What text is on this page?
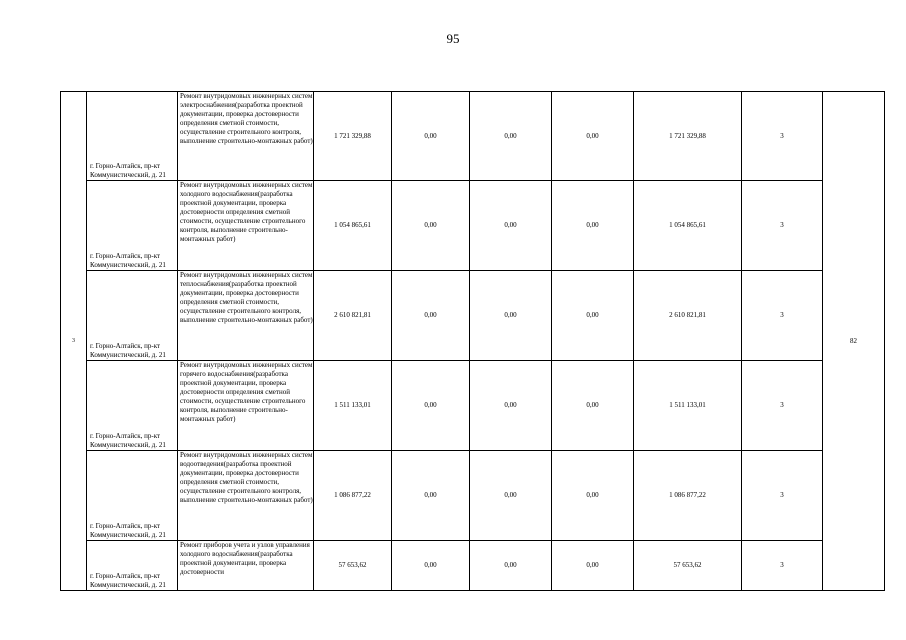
95
3	г. Горно-Алтайск, пр-кт Коммунистический, д. 21	Ремонт внутридомовых инженерных систем электроснабжения(разработка проектной документации, проверка достоверности определения сметной стоимости, осуществление строительного контроля, выполнение строительно-монтажных работ)	1 721 329,88	0,00	0,00	0,00	1 721 329,88	3	82
	г. Горно-Алтайск, пр-кт Коммунистический, д. 21	Ремонт внутридомовых инженерных систем холодного водоснабжения(разработка проектной документации, проверка достоверности определения сметной стоимости, осуществление строительного контроля, выполнение строительно-монтажных работ)	1 054 865,61	0,00	0,00	0,00	1 054 865,61	3	
	г. Горно-Алтайск, пр-кт Коммунистический, д. 21	Ремонт внутридомовых инженерных систем теплоснабжения(разработка проектной документации, проверка достоверности определения сметной стоимости, осуществление строительного контроля, выполнение строительно-монтажных работ)	2 610 821,81	0,00	0,00	0,00	2 610 821,81	3	
	г. Горно-Алтайск, пр-кт Коммунистический, д. 21	Ремонт внутридомовых инженерных систем горячего водоснабжения(разработка проектной документации, проверка достоверности определения сметной стоимости, осуществление строительного контроля, выполнение строительно-монтажных работ)	1 511 133,01	0,00	0,00	0,00	1 511 133,01	3	
	г. Горно-Алтайск, пр-кт Коммунистический, д. 21	Ремонт внутридомовых инженерных систем водоотведения(разработка проектной документации, проверка достоверности определения сметной стоимости, осуществление строительного контроля, выполнение строительно-монтажных работ)	1 086 877,22	0,00	0,00	0,00	1 086 877,22	3	
	г. Горно-Алтайск, пр-кт Коммунистический, д. 21	Ремонт приборов учета и узлов управления холодного водоснабжения(разработка проектной документации, проверка достоверности	57 653,62	0,00	0,00	0,00	57 653,62	3	
